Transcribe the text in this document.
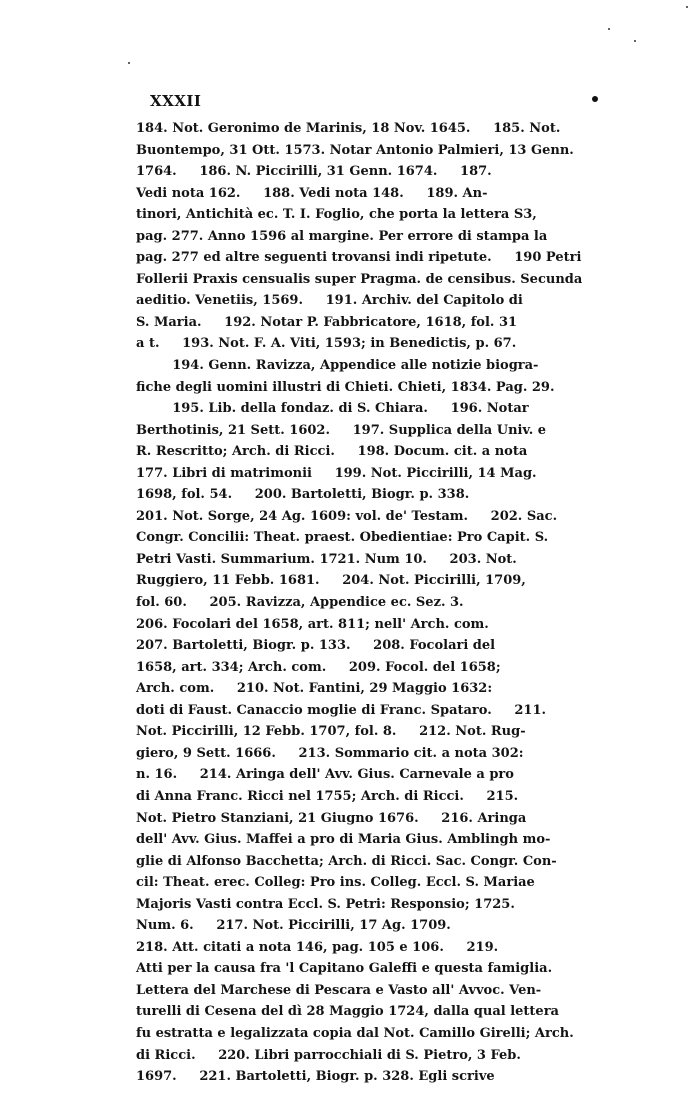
XXXII
184. Not. Geronimo de Marinis, 18 Nov. 1645.     185. Not.
Buontempo, 31 Ott. 1573. Notar Antonio Palmieri, 13 Genn.
1764.     186. N. Piccirilli, 31 Genn. 1674.     187.
Vedi nota 162.     188. Vedi nota 148.     189. An-
tinori, Antichità ec. T. I. Foglio, che porta la lettera S3,
pag. 277. Anno 1596 al margine. Per errore di stampa la
pag. 277 ed altre seguenti trovansi indi ripetute.     190 Petri
Follerii Praxis censualis super Pragma. de censibus. Secunda
aeditio. Venetiis, 1569.     191. Archiv. del Capitolo di
S. Maria.     192. Notar P. Fabbricatore, 1618, fol. 31
a t.     193. Not. F. A. Viti, 1593; in Benedictis, p. 67.
194. Genn. Ravizza, Appendice alle notizie biogra-
fiche degli uomini illustri di Chieti. Chieti, 1834. Pag. 29.
195. Lib. della fondaz. di S. Chiara.     196. Notar
Berthotinis, 21 Sett. 1602.     197. Supplica della Univ. e
R. Rescritto; Arch. di Ricci.     198. Docum. cit. a nota
177. Libri di matrimonii     199. Not. Piccirilli, 14 Mag.
1698, fol. 54.     200. Bartoletti, Biogr. p. 338.
201. Not. Sorge, 24 Ag. 1609: vol. de' Testam.     202. Sac.
Congr. Concilii: Theat. praest. Obedientiae: Pro Capit. S.
Petri Vasti. Summarium. 1721. Num 10.     203. Not.
Ruggiero, 11 Febb. 1681.     204. Not. Piccirilli, 1709,
fol. 60.     205. Ravizza, Appendice ec. Sez. 3.
206. Focolari del 1658, art. 811; nell' Arch. com.
207. Bartoletti, Biogr. p. 133.     208. Focolari del
1658, art. 334; Arch. com.     209. Focol. del 1658;
Arch. com.     210. Not. Fantini, 29 Maggio 1632:
doti di Faust. Canaccio moglie di Franc. Spataro.     211.
Not. Piccirilli, 12 Febb. 1707, fol. 8.     212. Not. Rug-
giero, 9 Sett. 1666.     213. Sommario cit. a nota 302:
n. 16.     214. Aringa dell' Avv. Gius. Carnevale a pro
di Anna Franc. Ricci nel 1755; Arch. di Ricci.     215.
Not. Pietro Stanziani, 21 Giugno 1676.     216. Aringa
dell' Avv. Gius. Maffei a pro di Maria Gius. Amblingh mo-
glie di Alfonso Bacchetta; Arch. di Ricci. Sac. Congr. Con-
cil: Theat. erec. Colleg: Pro ins. Colleg. Eccl. S. Mariae
Majoris Vasti contra Eccl. S. Petri: Responsio; 1725.
Num. 6.     217. Not. Piccirilli, 17 Ag. 1709.
218. Att. citati a nota 146, pag. 105 e 106.     219.
Atti per la causa fra 'l Capitano Galeffi e questa famiglia.
Lettera del Marchese di Pescara e Vasto all' Avvoc. Ven-
turelli di Cesena del dì 28 Maggio 1724, dalla qual lettera
fu estratta e legalizzata copia dal Not. Camillo Girelli; Arch.
di Ricci.     220. Libri parrocchiali di S. Pietro, 3 Feb.
1697.     221. Bartoletti, Biogr. p. 328. Egli scrive
